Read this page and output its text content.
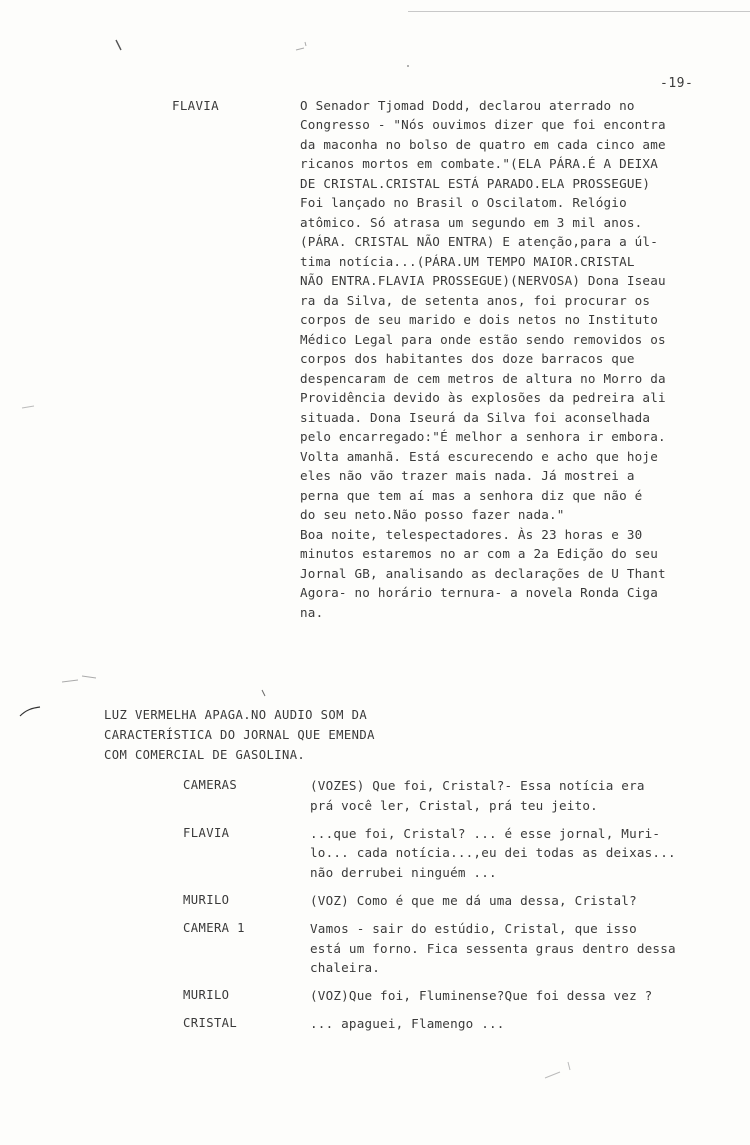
-19-
FLAVIA	O Senador Tjomad Dodd, declarou aterrado no
Congresso - "Nós ouvimos dizer que foi encontra
da maconha no bolso de quatro em cada cinco ame
ricanos mortos em combate."(ELA PÁRA.É A DEIXA
DE CRISTAL.CRISTAL ESTÁ PARADO.ELA PROSSEGUE)
Foi lançado no Brasil o Oscilatom. Relógio
atômico. Só atrasa um segundo em 3 mil anos.
(PÁRA. CRISTAL NÃO ENTRA) E atenção,para a úl-
tima notícia...(PÁRA.UM TEMPO MAIOR.CRISTAL
NÃO ENTRA.FLAVIA PROSSEGUE)(NERVOSA) Dona Iseau
ra da Silva, de setenta anos, foi procurar os
corpos de seu marido e dois netos no Instituto
Médico Legal para onde estão sendo removidos os
corpos dos habitantes dos doze barracos que
despencaram de cem metros de altura no Morro da
Providência devido às explosões da pedreira ali
situada. Dona Iseurá da Silva foi aconselhada
pelo encarregado:"É melhor a senhora ir embora.
Volta amanhã. Está escurecendo e acho que hoje
eles não vão trazer mais nada. Já mostrei a
perna que tem aí mas a senhora diz que não é
do seu neto.Não posso fazer nada."
Boa noite, telespectadores. Às 23 horas e 30
minutos estaremos no ar com a 2a Edição do seu
Jornal GB, analisando as declarações de U Thant
Agora- no horário ternura- a novela Ronda Ciga
na.
LUZ VERMELHA APAGA.NO AUDIO SOM DA
CARACTERÍSTICA DO JORNAL QUE EMENDA
COM COMERCIAL DE GASOLINA.
CAMERAS	(VOZES) Que foi, Cristal?- Essa notícia era
prá você ler, Cristal, prá teu jeito.
FLAVIA	...que foi, Cristal? ... é esse jornal, Muri-
lo... cada notícia...,eu dei todas as deixas...
não derrubei ninguém ...
MURILO	(VOZ) Como é que me dá uma dessa, Cristal?
CAMERA 1	Vamos - sair do estúdio, Cristal, que isso
está um forno. Fica sessenta graus dentro dessa
chaleira.
MURILO	(VOZ)Que foi, Fluminense?Que foi dessa vez ?
CRISTAL	... apaguei, Flamengo ...
